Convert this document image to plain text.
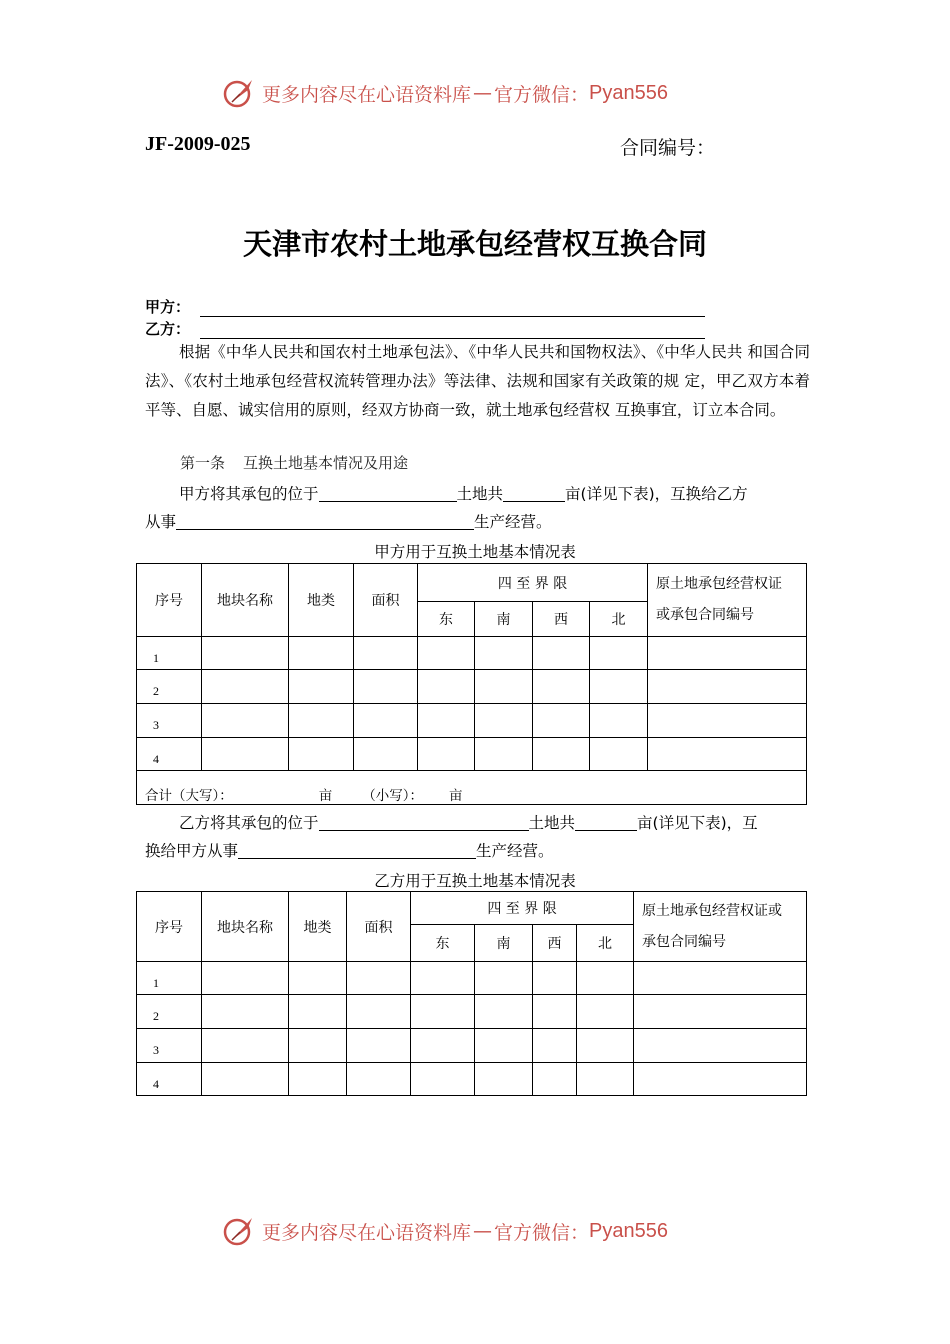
更多内容尽在心语资料库 — 官方微信： Pyan556
JF-2009-025	合同编号：
天津市农村土地承包经营权互换合同
甲方：
乙方：
根据《中华人民共和国农村土地承包法》、《中华人民共和国物权法》、《中华人民共 和国合同法》、《农村土地承包经营权流转管理办法》等法律、法规和国家有关政策的规 定，甲乙双方本着平等、自愿、诚实信用的原则，经双方协商一致，就土地承包经营权 互换事宜，订立本合同。
第一条 互换土地基本情况及用途
甲方将其承包的位于	土地共	亩(详见下表)，互换给乙方
从事	生产经营。
甲方用于互换土地基本情况表
序号	地块名称	地类	面积	四 至 界 限				原土地承包经营权证
或承包合同编号

				东	南	西	北	
1								
2								
3								
4								
合计（大写）： 亩 （小写）： 亩								
乙方将其承包的位于	土地共	亩(详见下表)，互
换给甲方从事	生产经营。
乙方用于互换土地基本情况表
序号	地块名称	地类	面积	四 至 界 限				原土地承包经营权证或
承包合同编号

				东	南	西	北	
1								
2								
3								
4								
更多内容尽在心语资料库 — 官方微信： Pyan556
